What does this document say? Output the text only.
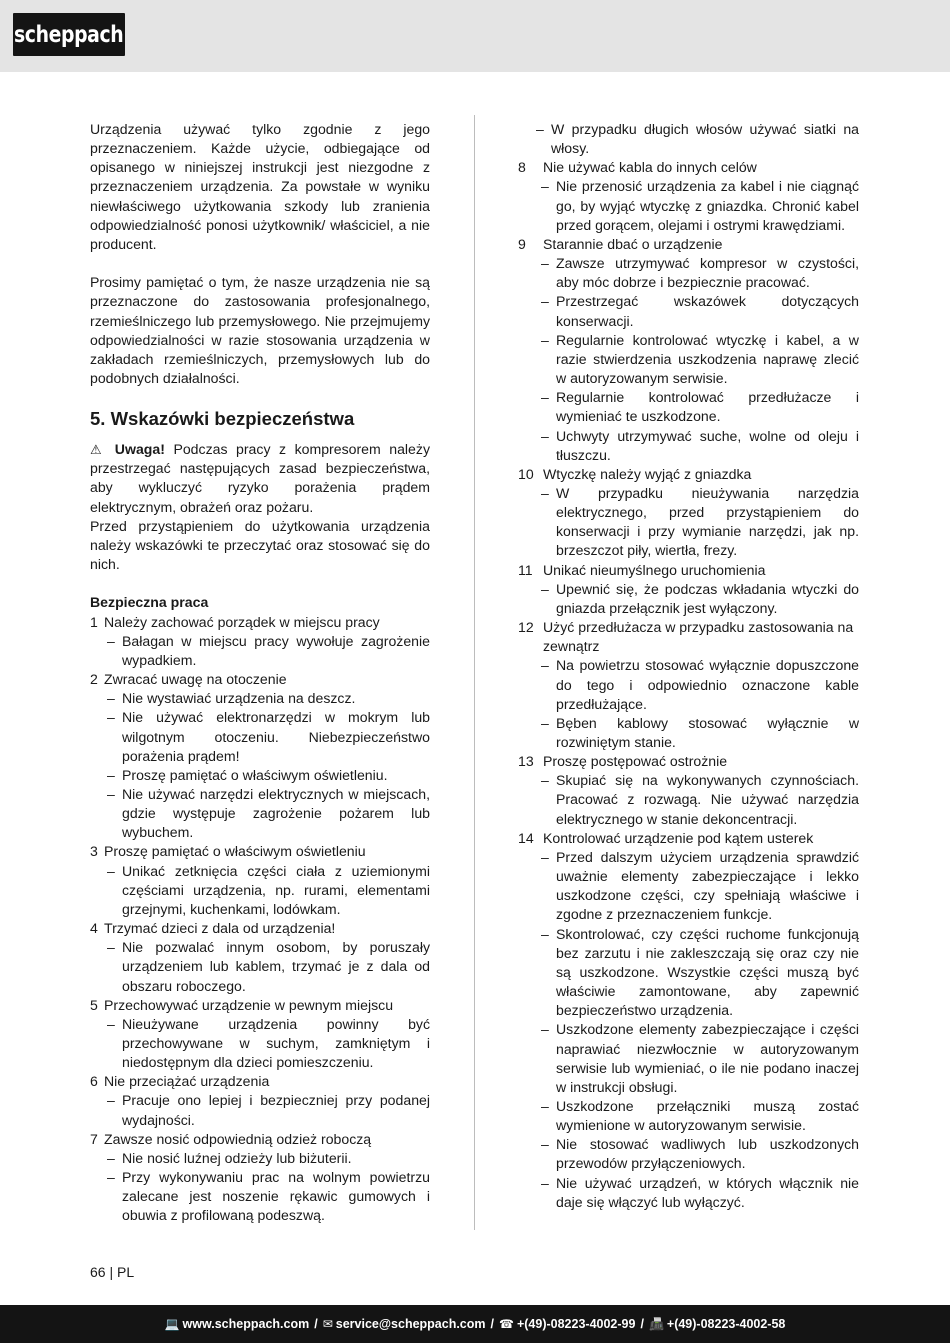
scheppach

Urządzenia używać tylko zgodnie z jego przeznaczeniem. Każde użycie, odbiegające od opisanego w niniejszej instrukcji jest niezgodne z przeznaczeniem urządzenia. Za powstałe w wyniku niewłaściwego użytkowania szkody lub zranienia odpowiedzialność ponosi użytkownik/ właściciel, a nie producent.

Prosimy pamiętać o tym, że nasze urządzenia nie są przeznaczone do zastosowania profesjonalnego, rzemieślniczego lub przemysłowego. Nie przejmujemy odpowiedzialności w razie stosowania urządzenia w zakładach rzemieślniczych, przemysłowych lub do podobnych działalności.

5. Wskazówki bezpieczeństwa

⚠ Uwaga! Podczas pracy z kompresorem należy przestrzegać następujących zasad bezpieczeństwa, aby wykluczyć ryzyko porażenia prądem elektrycznym, obrażeń oraz pożaru.

Przed przystąpieniem do użytkowania urządzenia należy wskazówki te przeczytać oraz stosować się do nich.

Bezpieczna praca

1 Należy zachować porządek w miejscu pracy

– Bałagan w miejscu pracy wywołuje zagrożenie wypadkiem.

2 Zwracać uwagę na otoczenie

– Nie wystawiać urządzenia na deszcz.

– Nie używać elektronarzędzi w mokrym lub wilgotnym otoczeniu. Niebezpieczeństwo porażenia prądem!

– Proszę pamiętać o właściwym oświetleniu.

– Nie używać narzędzi elektrycznych w miejscach, gdzie występuje zagrożenie pożarem lub wybuchem.

3 Proszę pamiętać o właściwym oświetleniu

– Unikać zetknięcia części ciała z uziemionymi częściami urządzenia, np. rurami, elementami grzejnymi, kuchenkami, lodówkam.

4 Trzymać dzieci z dala od urządzenia!

– Nie pozwalać innym osobom, by poruszały urządzeniem lub kablem, trzymać je z dala od obszaru roboczego.

5 Przechowywać urządzenie w pewnym miejscu

– Nieużywane urządzenia powinny być przechowywane w suchym, zamkniętym i niedostępnym dla dzieci pomieszczeniu.

6 Nie przeciążać urządzenia

– Pracuje ono lepiej i bezpieczniej przy podanej wydajności.

7 Zawsze nosić odpowiednią odzież roboczą

– Nie nosić luźnej odzieży lub biżuterii.

– Przy wykonywaniu prac na wolnym powietrzu zalecane jest noszenie rękawic gumowych i obuwia z profilowaną podeszwą.

– W przypadku długich włosów używać siatki na włosy.

8 Nie używać kabla do innych celów

– Nie przenosić urządzenia za kabel i nie ciągnąć go, by wyjąć wtyczkę z gniazdka. Chronić kabel przed gorącem, olejami i ostrymi krawędziami.

9 Starannie dbać o urządzenie

– Zawsze utrzymywać kompresor w czystości, aby móc dobrze i bezpiecznie pracować.

– Przestrzegać wskazówek dotyczących konserwacji.

– Regularnie kontrolować wtyczkę i kabel, a w razie stwierdzenia uszkodzenia naprawę zlecić w autoryzowanym serwisie.

– Regularnie kontrolować przedłużacze i wymieniać te uszkodzone.

– Uchwyty utrzymywać suche, wolne od oleju i tłuszczu.

10 Wtyczkę należy wyjąć z gniazdka

– W przypadku nieużywania narzędzia elektrycznego, przed przystąpieniem do konserwacji i przy wymianie narzędzi, jak np. brzeszczot piły, wiertła, frezy.

11 Unikać nieumyślnego uruchomienia

– Upewnić się, że podczas wkładania wtyczki do gniazda przełącznik jest wyłączony.

12 Użyć przedłużacza w przypadku zastosowania na zewnątrz

– Na powietrzu stosować wyłącznie dopuszczone do tego i odpowiednio oznaczone kable przedłużające.

– Bęben kablowy stosować wyłącznie w rozwiniętym stanie.

13 Proszę postępować ostrożnie

– Skupiać się na wykonywanych czynnościach. Pracować z rozwagą. Nie używać narzędzia elektrycznego w stanie dekoncentracji.

14 Kontrolować urządzenie pod kątem usterek

– Przed dalszym użyciem urządzenia sprawdzić uważnie elementy zabezpieczające i lekko uszkodzone części, czy spełniają właściwe i zgodne z przeznaczeniem funkcje.

– Skontrolować, czy części ruchome funkcjonują bez zarzutu i nie zakleszczają się oraz czy nie są uszkodzone. Wszystkie części muszą być właściwie zamontowane, aby zapewnić bezpieczeństwo urządzenia.

– Uszkodzone elementy zabezpieczające i części naprawiać niezwłocznie w autoryzowanym serwisie lub wymieniać, o ile nie podano inaczej w instrukcji obsługi.

– Uszkodzone przełączniki muszą zostać wymienione w autoryzowanym serwisie.

– Nie stosować wadliwych lub uszkodzonych przewodów przyłączeniowych.

– Nie używać urządzeń, w których włącznik nie daje się włączyć lub wyłączyć.

66 | PL
💻 www.scheppach.com / ✉ service@scheppach.com / ☎ +(49)-08223-4002-99 / 📠 +(49)-08223-4002-58
